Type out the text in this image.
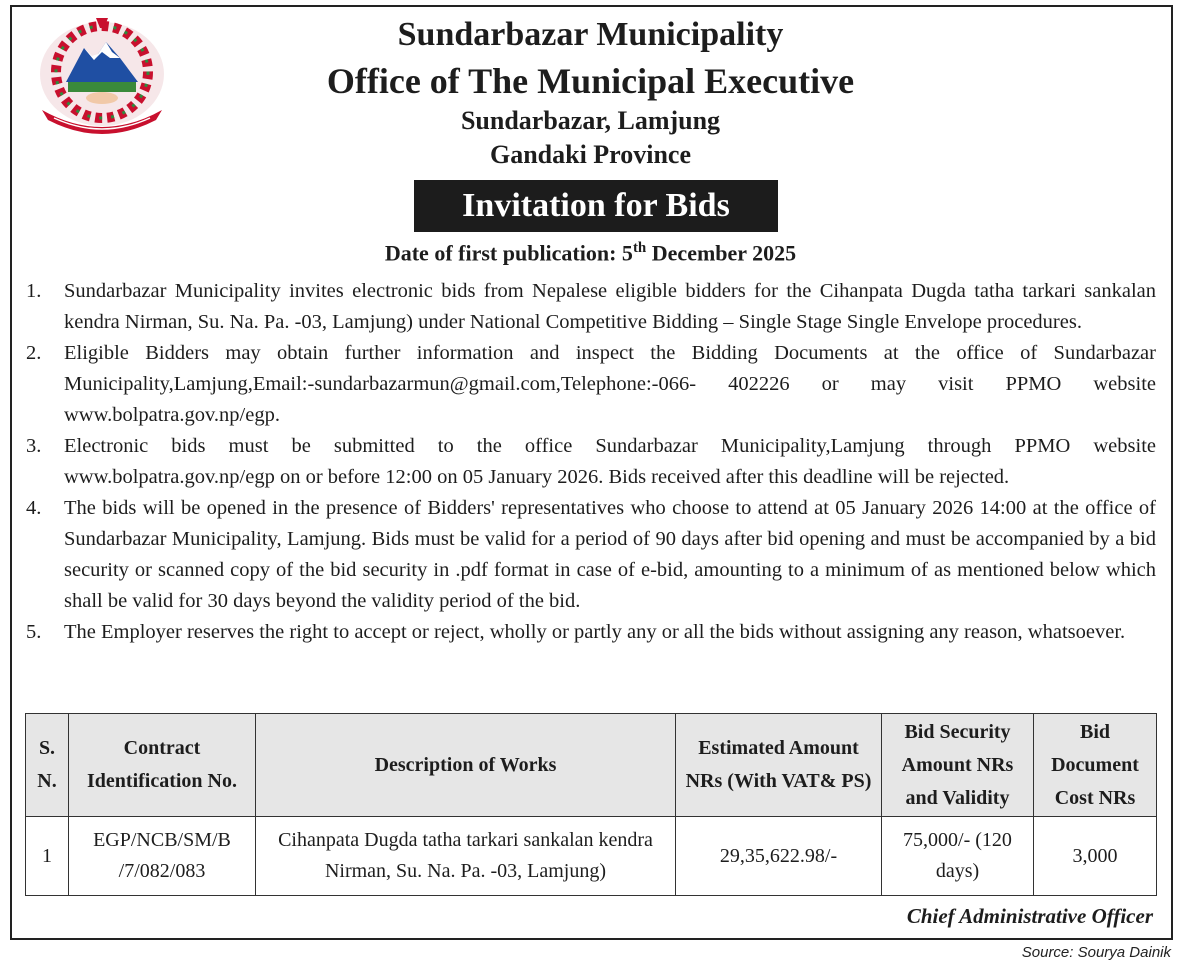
Sundarbazar Municipality
Office of The Municipal Executive
Sundarbazar, Lamjung
Gandaki Province
Invitation for Bids
Date of first publication: 5th December 2025
1.	Sundarbazar Municipality invites electronic bids from Nepalese eligible bidders for the Cihanpata Dugda tatha tarkari sankalan kendra Nirman, Su. Na. Pa. -03, Lamjung) under National Competitive Bidding – Single Stage Single Envelope procedures.
2.	Eligible Bidders may obtain further information and inspect the Bidding Documents at the office of Sundarbazar Municipality,Lamjung,Email:-sundarbazarmun@gmail.com,Telephone:-066- 402226 or may visit PPMO website www.bolpatra.gov.np/egp.
3.	Electronic bids must be submitted to the office Sundarbazar Municipality,Lamjung through PPMO website www.bolpatra.gov.np/egp on or before 12:00 on 05 January 2026. Bids received after this deadline will be rejected.
4.	The bids will be opened in the presence of Bidders' representatives who choose to attend at 05 January 2026 14:00 at the office of Sundarbazar Municipality, Lamjung. Bids must be valid for a period of 90 days after bid opening and must be accompanied by a bid security or scanned copy of the bid security in .pdf format in case of e-bid, amounting to a minimum of as mentioned below which shall be valid for 30 days beyond the validity period of the bid.
5.	The Employer reserves the right to accept or reject, wholly or partly any or all the bids without assigning any reason, whatsoever.
S. N.	Contract Identification No.	Description of Works	Estimated Amount NRs (With VAT& PS)	Bid Security Amount NRs and Validity	Bid Document Cost NRs
1	EGP/NCB/SM/B /7/082/083	Cihanpata Dugda tatha tarkari sankalan kendra Nirman, Su. Na. Pa. -03, Lamjung)	29,35,622.98/-	75,000/- (120 days)	3,000
Chief Administrative Officer
Source: Sourya Dainik
